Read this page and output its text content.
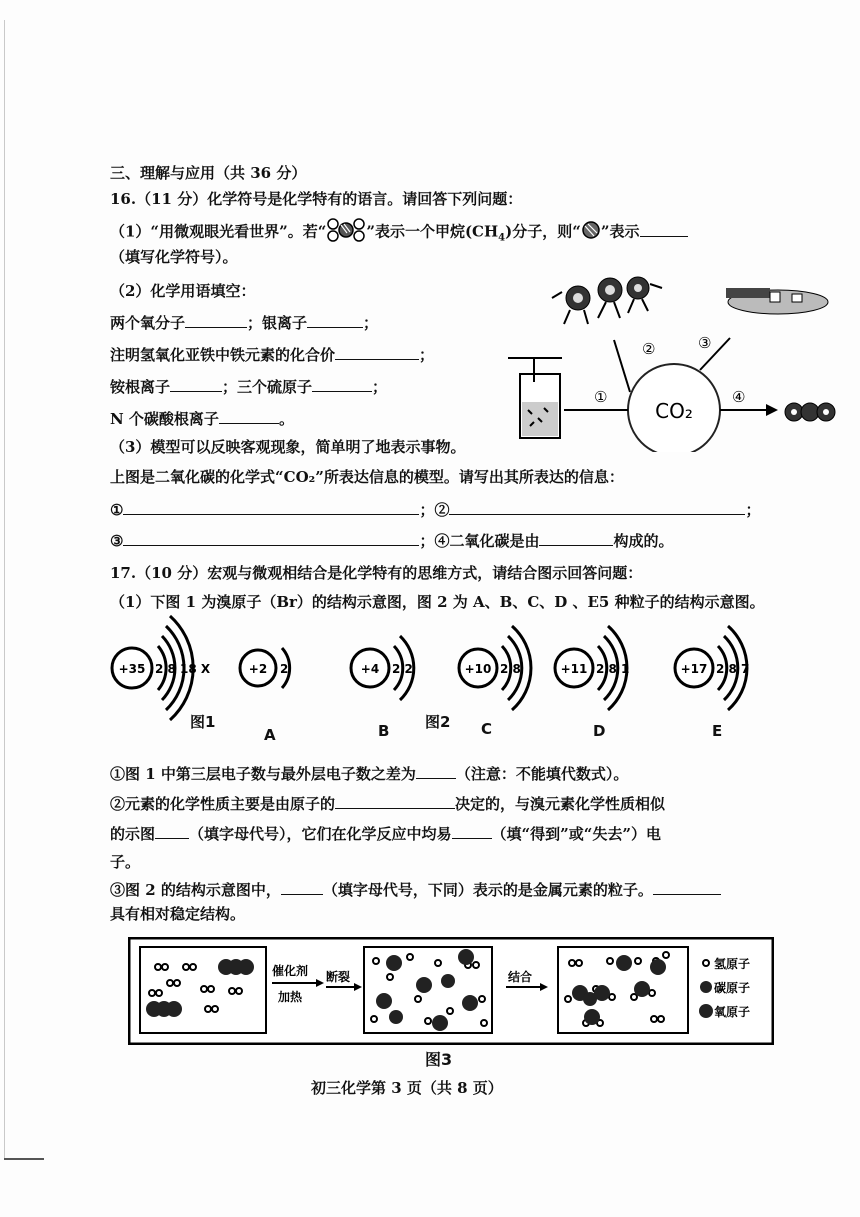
三、理解与应用（共 36 分）
16.（11 分）化学符号是化学特有的语言。请回答下列问题：
（1）“用微观眼光看世界”。若“	”表示一个甲烷$(CH_4)$分子，则“ ”表示
（填写化学符号）。
（2）化学用语填空：
两个氧分子	；银离子	；
注明氢氧化亚铁中铁元素的化合价	；
铵根离子	；三个硫原子	；
N 个碳酸根离子	。
（3）模型可以反映客观现象，简单明了地表示事物。
上图是二氧化碳的化学式“CO₂”所表达信息的模型。请写出其所表达的信息：
①	；②	；
③	；④二氧化碳是由	构成的。
CO₂
②	③
①	④
17.（10 分）宏观与微观相结合是化学特有的思维方式，请结合图示回答问题：
（1）下图 1 为溴原子（Br）的结构示意图，图 2 为 A、B、C、D 、E5 种粒子的结构示意图。
+35 2 8 18 X	+2 2	+4 2 2	+10 2 8	+11 2 8 1	+17 2 8 7
图1	图2
A	B	C	D	E
①图 1 中第三层电子数与最外层电子数之差为	（注意：不能填代数式）。
②元素的化学性质主要是由原子的	决定的，与溴元素化学性质相似
的示图 （填字母代号），它们在化学反应中均易	（填“得到”或“失去”）电
子。
③图 2 的结构示意图中，	（填字母代号，下同）表示的是金属元素的粒子。
具有相对稳定结构。
催化剂
加热
断裂	结合
氢原子
碳原子
氧原子
图3
初三化学第 3 页（共 8 页）
